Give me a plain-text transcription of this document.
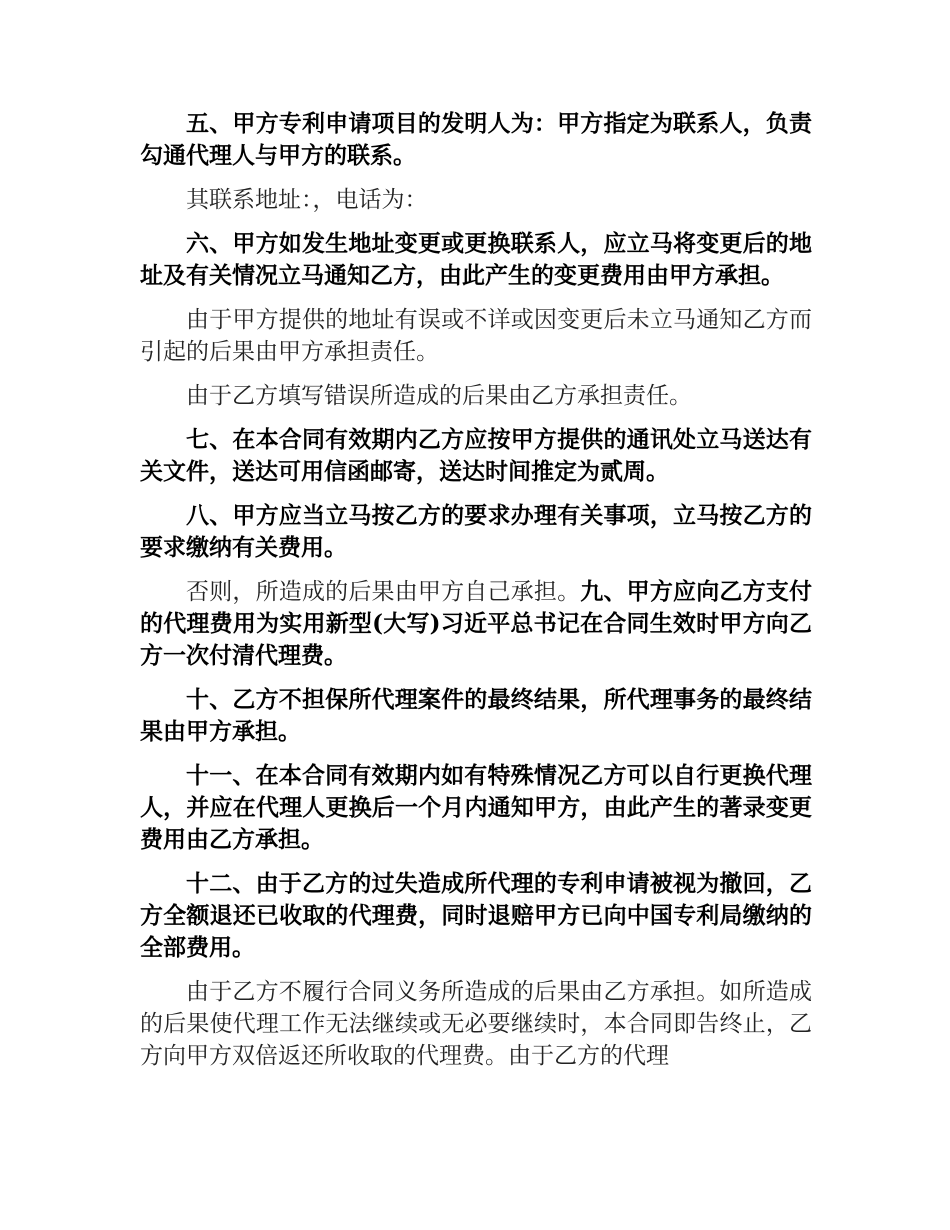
五、甲方专利申请项目的发明人为：甲方指定为联系人，负责勾通代理人与甲方的联系。

其联系地址：，电话为：

六、甲方如发生地址变更或更换联系人，应立马将变更后的地址及有关情况立马通知乙方，由此产生的变更费用由甲方承担。

由于甲方提供的地址有误或不详或因变更后未立马通知乙方而引起的后果由甲方承担责任。

由于乙方填写错误所造成的后果由乙方承担责任。

七、在本合同有效期内乙方应按甲方提供的通讯处立马送达有关文件，送达可用信函邮寄，送达时间推定为贰周。

八、甲方应当立马按乙方的要求办理有关事项，立马按乙方的要求缴纳有关费用。

否则，所造成的后果由甲方自己承担。九、甲方应向乙方支付的代理费用为实用新型(大写)习近平总书记在合同生效时甲方向乙方一次付清代理费。

十、乙方不担保所代理案件的最终结果，所代理事务的最终结果由甲方承担。

十一、在本合同有效期内如有特殊情况乙方可以自行更换代理人，并应在代理人更换后一个月内通知甲方，由此产生的著录变更费用由乙方承担。

十二、由于乙方的过失造成所代理的专利申请被视为撤回，乙方全额退还已收取的代理费，同时退赔甲方已向中国专利局缴纳的全部费用。

由于乙方不履行合同义务所造成的后果由乙方承担。如所造成的后果使代理工作无法继续或无必要继续时，本合同即告终止，乙方向甲方双倍返还所收取的代理费。由于乙方的代理
